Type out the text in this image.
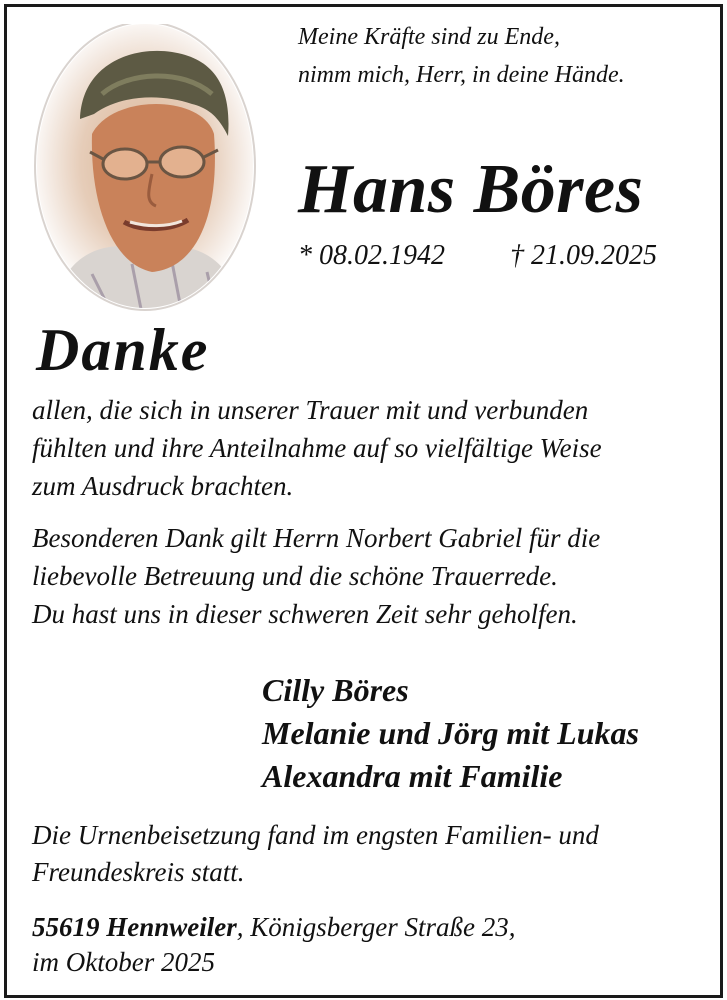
Meine Kräfte sind zu Ende,

nimm mich, Herr, in deine Hände.

Hans Böres

* 08.02.1942 † 21.09.2025

Danke

allen, die sich in unserer Trauer mit und verbunden

fühlten und ihre Anteilnahme auf so vielfältige Weise

zum Ausdruck brachten.

Besonderen Dank gilt Herrn Norbert Gabriel für die

liebevolle Betreuung und die schöne Trauerrede.

Du hast uns in dieser schweren Zeit sehr geholfen.

Cilly Böres

Melanie und Jörg mit Lukas

Alexandra mit Familie

Die Urnenbeisetzung fand im engsten Familien- und

Freundeskreis statt.

55619 Hennweiler, Königsberger Straße 23,

im Oktober 2025
